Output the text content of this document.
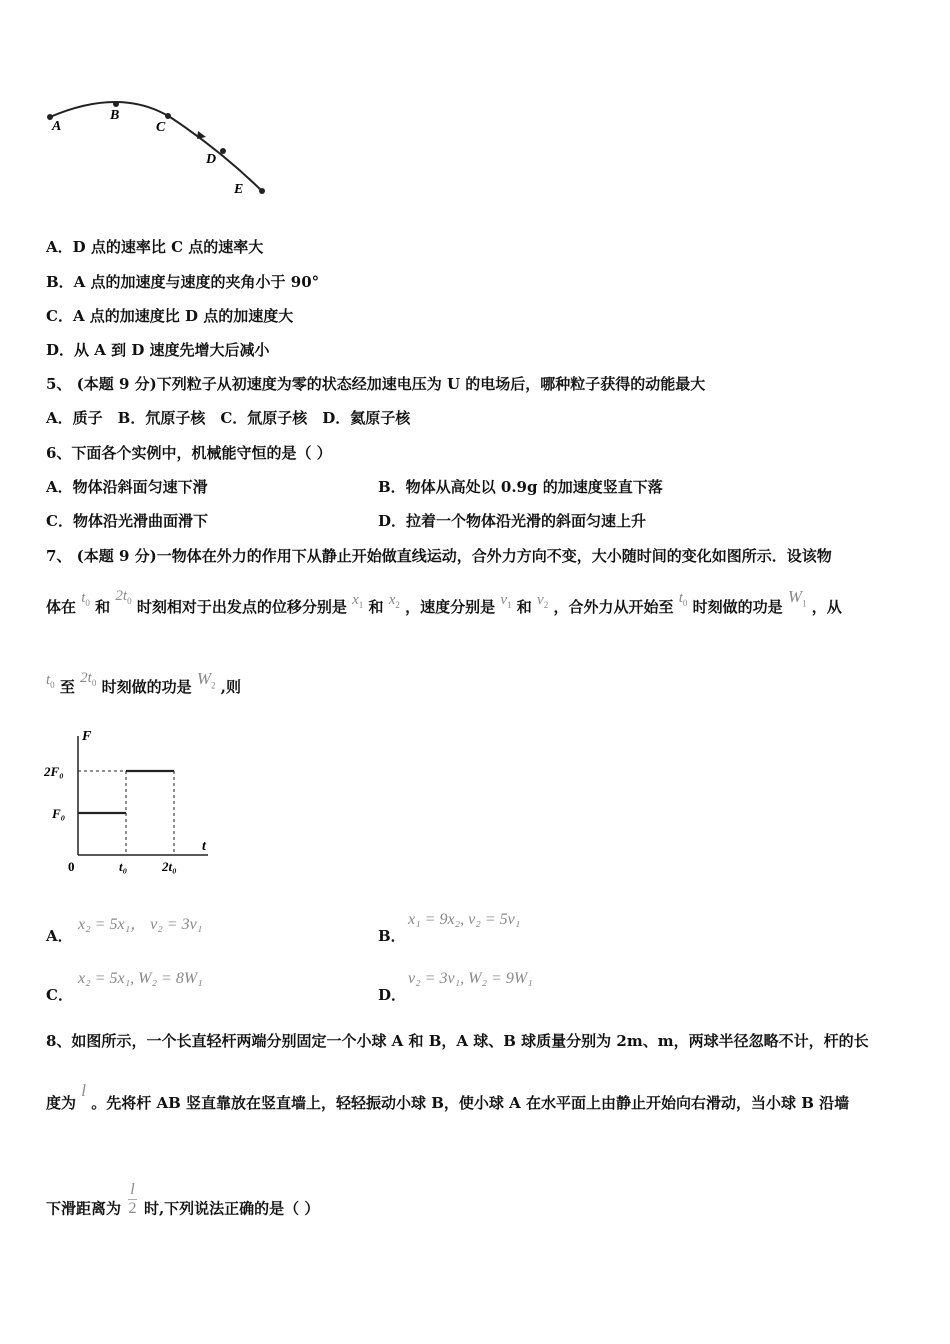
A
B
C
D
E
A．D 点的速率比 C 点的速率大
B．A 点的加速度与速度的夹角小于 90°
C．A 点的加速度比 D 点的加速度大
D．从 A 到 D 速度先增大后减小
5、 (本题 9 分)下列粒子从初速度为零的状态经加速电压为 U 的电场后，哪种粒子获得的动能最大
A．质子　B．氘原子核　C．氚原子核　D．氦原子核
6、下面各个实例中，机械能守恒的是（ ）
A．物体沿斜面匀速下滑	B．物体从高处以 0.9g 的加速度竖直下落
C．物体沿光滑曲面滑下	D．拉着一个物体沿光滑的斜面匀速上升
7、 (本题 9 分)一物体在外力的作用下从静止开始做直线运动，合外力方向不变，大小随时间的变化如图所示．设该物
体在 $t_0$ 和 $2t_0$ 时刻相对于出发点的位移分别是 $x_1$ 和 $x_2$ ，速度分别是 $v_1$ 和 $v_2$ ，合外力从开始至 $t_0$ 时刻做的功是 $W_1$ ，从
$t_0$ 至 $2t_0$ 时刻做的功是 $W_2$ ,则
F
t
0	t₀	2t₀
F₀
2F₀
A．
x₂ = 5x₁， v₂ = 3v₁
B．
x₁ = 9x₂, v₂ = 5v₁
C．
x₂ = 5x₁, W₂ = 8W₁
D．
v₂ = 3v₁, W₂ = 9W₁
8、如图所示，一个长直轻杆两端分别固定一个小球 A 和 B，A 球、B 球质量分别为 2m、m，两球半径忽略不计，杆的长
度为 l 。先将杆 AB 竖直靠放在竖直墙上，轻轻振动小球 B，使小球 A 在水平面上由静止开始向右滑动，当小球 B 沿墙
下滑距离为 $\frac{l}{2}$ 时,下列说法正确的是（ ）
